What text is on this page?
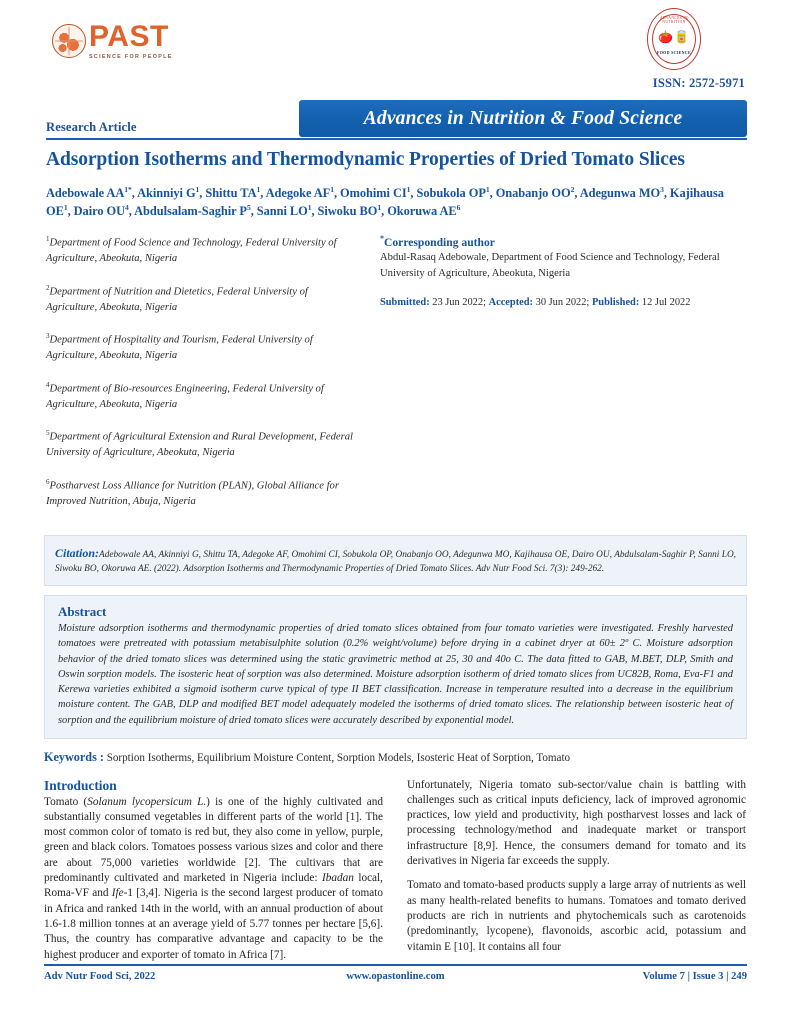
PAST
SCIENCE FOR PEOPLE
ADVANCES IN NUTRITION
🍅🥫
FOOD SCIENCE
ISSN: 2572-5971
Research Article	Advances in Nutrition & Food Science
Adsorption Isotherms and Thermodynamic Properties of Dried Tomato Slices
Adebowale $AA^{1*}$, Akinniyi $G^1$, Shittu $TA^1$, Adegoke $AF^1$, Omohimi $CI^1$, Sobukola $OP^1$, Onabanjo $OO^2$, Adegunwa $MO^3$, Kajihausa $OE^1$, Dairo $OU^4$, Abdulsalam-Saghir $P^5$, Sanni $LO^1$, Siwoku $BO^1$, Okoruwa $AE^6$

$^1$Department of Food Science and Technology, Federal University of Agriculture, Abeokuta, Nigeria

$^2$Department of Nutrition and Dietetics, Federal University of Agriculture, Abeokuta, Nigeria

$^3$Department of Hospitality and Tourism, Federal University of Agriculture, Abeokuta, Nigeria

$^4$Department of Bio-resources Engineering, Federal University of Agriculture, Abeokuta, Nigeria

$^5$Department of Agricultural Extension and Rural Development, Federal University of Agriculture, Abeokuta, Nigeria

$^6$Postharvest Loss Alliance for Nutrition (PLAN), Global Alliance for Improved Nutrition, Abuja, Nigeria

*Corresponding author

Abdul-Rasaq Adebowale, Department of Food Science and Technology, Federal University of Agriculture, Abeokuta, Nigeria

Submitted: 23 Jun 2022; Accepted: 30 Jun 2022; Published: 12 Jul 2022
Citation:Adebowale AA, Akinniyi G, Shittu TA, Adegoke AF, Omohimi CI, Sobukola OP, Onabanjo OO, Adegunwa MO, Kajihausa OE, Dairo OU, Abdulsalam-Saghir P, Sanni LO, Siwoku BO, Okoruwa AE. (2022). Adsorption Isotherms and Thermodynamic Properties of Dried Tomato Slices. Adv Nutr Food Sci. 7(3): 249-262.
Abstract

Moisture adsorption isotherms and thermodynamic properties of dried tomato slices obtained from four tomato varieties were investigated. Freshly harvested tomatoes were pretreated with potassium metabisulphite solution (0.2% weight/volume) before drying in a cabinet dryer at 60± 2º C. Moisture adsorption behavior of the dried tomato slices was determined using the static gravimetric method at 25, 30 and 40o C. The data fitted to GAB, M.BET, DLP, Smith and Oswin sorption models. The isosteric heat of sorption was also determined. Moisture adsorption isotherm of dried tomato slices from UC82B, Roma, Eva-F1 and Kerewa varieties exhibited a sigmoid isotherm curve typical of type II BET classification. Increase in temperature resulted into a decrease in the equilibrium moisture content. The GAB, DLP and modified BET model adequately modeled the isotherms of dried tomato slices. The relationship between isosteric heat of sorption and the equilibrium moisture of dried tomato slices were accurately described by exponential model.

Keywords : Sorption Isotherms, Equilibrium Moisture Content, Sorption Models, Isosteric Heat of Sorption, Tomato
Introduction

Tomato (Solanum lycopersicum L.) is one of the highly cultivated and substantially consumed vegetables in different parts of the world [1]. The most common color of tomato is red but, they also come in yellow, purple, green and black colors. Tomatoes possess various sizes and color and there are about 75,000 varieties worldwide [2]. The cultivars that are predominantly cultivated and marketed in Nigeria include: Ibadan local, Roma-VF and Ife-1 [3,4]. Nigeria is the second largest producer of tomato in Africa and ranked 14th in the world, with an annual production of about 1.6-1.8 million tonnes at an average yield of 5.77 tonnes per hectare [5,6]. Thus, the country has comparative advantage and capacity to be the highest producer and exporter of tomato in Africa [7].

Unfortunately, Nigeria tomato sub-sector/value chain is battling with challenges such as critical inputs deficiency, lack of improved agronomic practices, low yield and productivity, high postharvest losses and lack of processing technology/method and inadequate market or transport infrastructure [8,9]. Hence, the consumers demand for tomato and its derivatives in Nigeria far exceeds the supply.

Tomato and tomato-based products supply a large array of nutrients as well as many health-related benefits to humans. Tomatoes and tomato derived products are rich in nutrients and phytochemicals such as carotenoids (predominantly, lycopene), flavonoids, ascorbic acid, potassium and vitamin E [10]. It contains all four

Adv Nutr Food Sci, 2022	www.opastonline.com	Volume 7 | Issue 3 | 249
